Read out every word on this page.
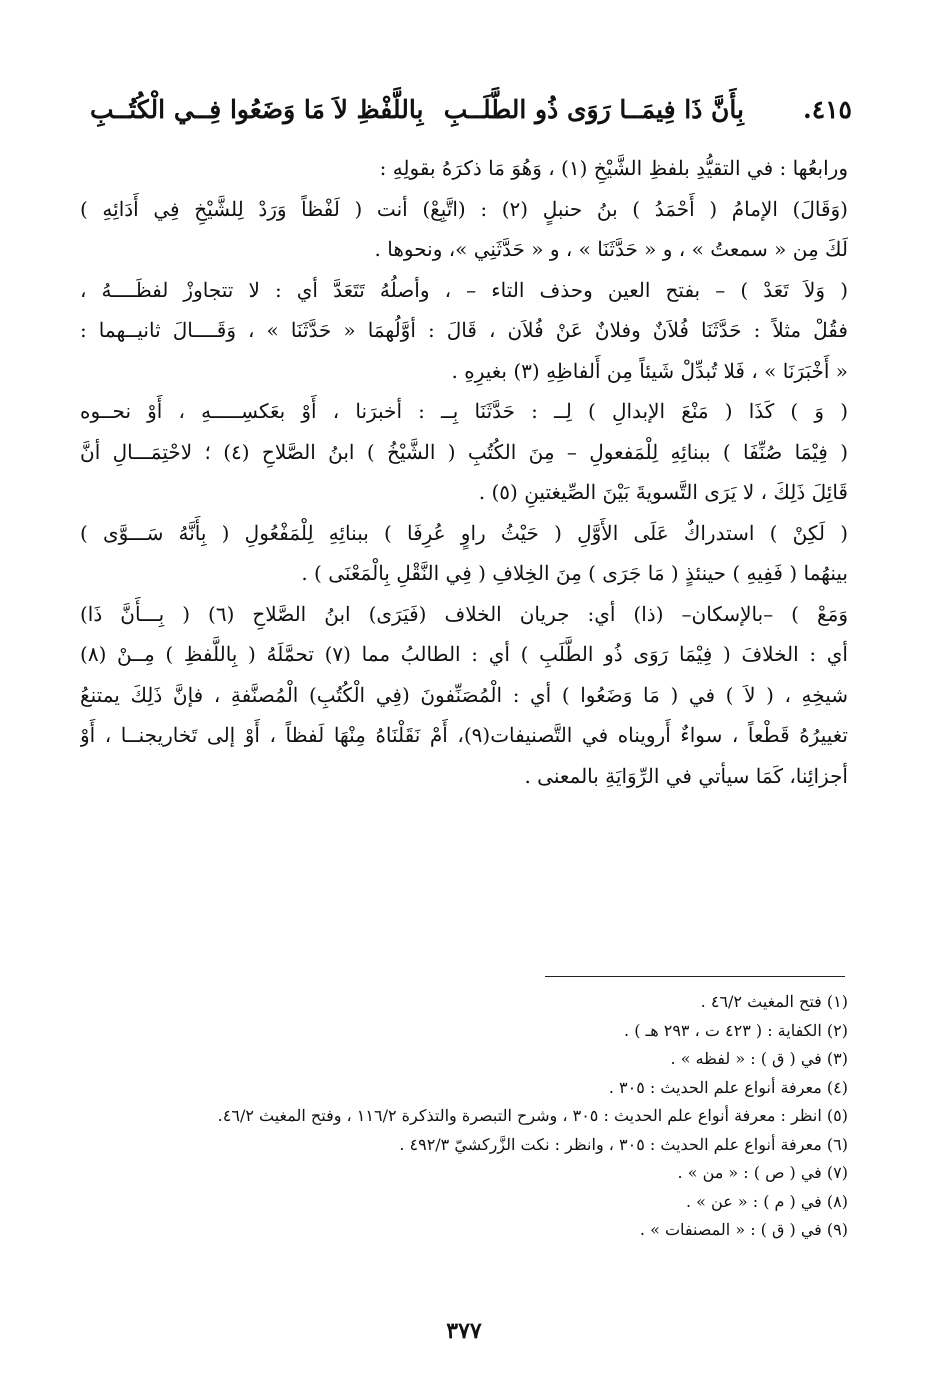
٤١٥.
بِأَنَّ ذَا فِيمَــا رَوَى ذُو الطَّلَــبِ
بِاللَّفْظِ لاَ مَا وَضَعُوا فِــي الْكُتُــبِ
ورابعُها : في التقيُّدِ بلفظِ الشَّيْخِ (١) ، وَهُوَ مَا ذكرَهُ بقولِهِ :
(وَقَالَ) الإمامُ ( أَحْمَدُ ) بنُ حنبلٍ (٢) : (اتَّبِعْ) أنت ( لَفْظاً وَرَدْ لِلشَّيْخِ فِي أَدَائِهِ )
لَكَ مِن « سمعتُ » ، و « حَدَّثَنَا » ، و « حَدَّثَنِي »، ونحوها .
( وَلاَ تَعَدْ ) – بفتح العين وحذف التاء – ، وأصلُهُ تَتَعَدَّ أي : لا تتجاوزْ لفظَــــهُ ،
فقُلْ مثلاً : حَدَّثَنَا فُلاَنٌ وفلانٌ عَنْ فُلاَن ، قَالَ : أوَّلُهمَا « حَدَّثَنَا » ، وَقَــــالَ ثانيــهما :
« أَخْبَرَنَا » ، فَلا تُبدِّلْ شَيئاً مِن أَلفاظِهِ (٣) بغيرِهِ .
( وَ ) كَذَا ( مَنْعَ الإبدالِ ) لِــ : حَدَّثَنَا بِــ : أخبرَنا ، أَوْ بعَكسِـــــهِ ، أَوْ نحــوه
( فِيْمَا صُنِّفَا ) ببنائِهِ لِلْمَفعولِ – مِنَ الكُتُبِ ( الشَّيْخُ ) ابنُ الصَّلاحِ (٤) ؛ لاحْتِمَـــالِ أنَّ
قَائِلَ ذَلِكَ ، لا يَرَى التَّسويةَ بَيْنَ الصِّيغتينِ (٥) .
( لَكِنْ ) استدراكٌ عَلَى الأَوَّلِ ( حَيْثُ راوٍ عُرِفَا ) ببنائِهِ لِلْمَفْعُولِ ( بِأَنَّهُ سَـــوَّى )
بينهُما ( فَفِيهِ ) حينئذٍ ( مَا جَرَى ) مِنَ الخِلافِ ( فِي النَّقْلِ بِالْمَعْنَى ) .
وَمَعْ ) –بالإسكان– (ذا) أي: جريان الخلاف (فَيَرَى) ابنُ الصَّلاحِ (٦) ( بِـــأَنَّ ذَا)
أي : الخلافَ ( فِيْمَا رَوَى ذُو الطَّلَبِ ) أي : الطالبُ مما (٧) تحمَّلَهُ ( بِاللَّفظِ ) مِــنْ (٨)
شيخِهِ ، ( لاَ ) في ( مَا وَضَعُوا ) أي : الْمُصَنِّفونَ (فِي الْكُتُبِ) الْمُصنَّفةِ ، فإنَّ ذَلِكَ يمتنعُ
تغييرُهُ قَطْعاً ، سواءٌ أَرويناه في التَّصنيفات(٩)، أَمْ نَقَلْنَاهُ مِنْهَا لَفظاً ، أَوْ إلى تَخاريجنــا ، أَوْ
أجزائِنا، كَمَا سيأتي في الرِّوَايَةِ بالمعنى .
(١) فتح المغيث ٤٦/٢ .
(٢) الكفاية : ( ٤٢٣ ت ، ٢٩٣ هـ ) .
(٣) في ( ق ) : « لفظه » .
(٤) معرفة أنواع علم الحديث : ٣٠٥ .
(٥) انظر : معرفة أنواع علم الحديث : ٣٠٥ ، وشرح التبصرة والتذكرة ١١٦/٢ ، وفتح المغيث ٤٦/٢.
(٦) معرفة أنواع علم الحديث : ٣٠٥ ، وانظر : نكت الزَّركشيّ ٤٩٢/٣ .
(٧) في ( ص ) : « من » .
(٨) في ( م ) : « عن » .
(٩) في ( ق ) : « المصنفات » .
٣٧٧
